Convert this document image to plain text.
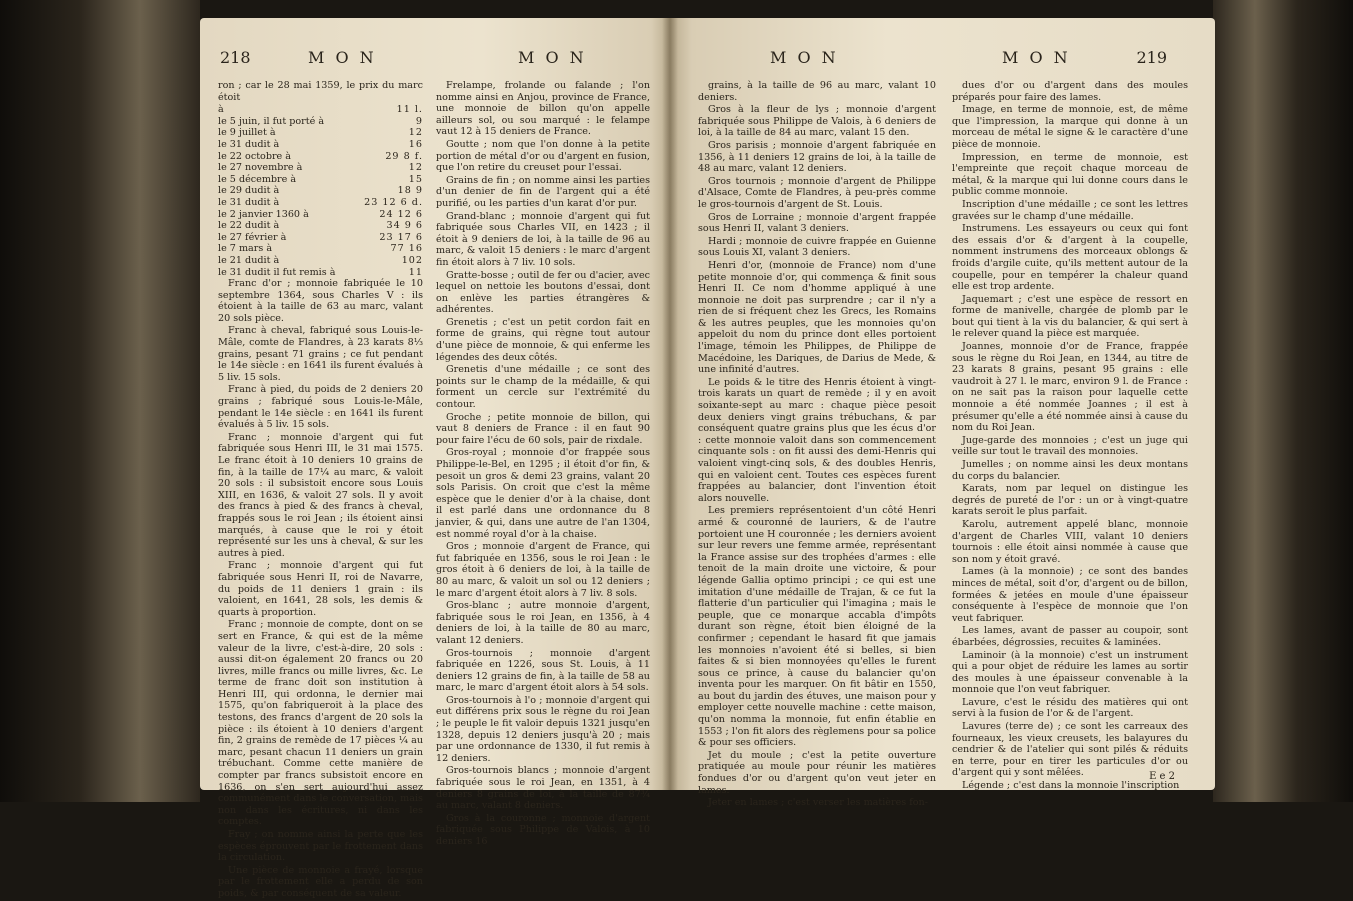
218	M O N	M O N

ron ; car le 28 mai 1359, le prix du marc étoit

à	11 l.
le 5 juin, il fut porté à	9
le 9 juillet à	12
le 31 dudit à	16
le 22 octobre à	29 8 f.
le 27 novembre à	12
le 5 décembre à	15
le 29 dudit à	18 9
le 31 dudit à	23 12 6 d.
le 2 janvier 1360 à	24 12 6
le 22 dudit à	34 9 6
le 27 février à	23 17 6
le 7 mars à	77 16
le 21 dudit à	102
le 31 dudit il fut remis à	11

Franc d'or ; monnoie fabriquée le 10 septembre 1364, sous Charles V : ils étoient à la taille de 63 au marc, valant 20 sols pièce.

Franc à cheval, fabriqué sous Louis-le-Mâle, comte de Flandres, à 23 karats 8⅓ grains, pesant 71 grains ; ce fut pendant le 14e siècle : en 1641 ils furent évalués à 5 liv. 15 sols.

Franc à pied, du poids de 2 deniers 20 grains ; fabriqué sous Louis-le-Mâle, pendant le 14e siècle : en 1641 ils furent évalués à 5 liv. 15 sols.

Franc ; monnoie d'argent qui fut fabriquée sous Henri III, le 31 mai 1575. Le franc étoit à 10 deniers 10 grains de fin, à la taille de 17¼ au marc, & valoit 20 sols : il subsistoit encore sous Louis XIII, en 1636, & valoit 27 sols. Il y avoit des francs à pied & des francs à cheval, frappés sous le roi Jean ; ils étoient ainsi marqués, à cause que le roi y étoit représenté sur les uns à cheval, & sur les autres à pied.

Franc ; monnoie d'argent qui fut fabriquée sous Henri II, roi de Navarre, du poids de 11 deniers 1 grain : ils valoient, en 1641, 28 sols, les demis & quarts à proportion.

Franc ; monnoie de compte, dont on se sert en France, & qui est de la même valeur de la livre, c'est-à-dire, 20 sols : aussi dit-on également 20 francs ou 20 livres, mille francs ou mille livres, &c. Le terme de franc doit son institution à Henri III, qui ordonna, le dernier mai 1575, qu'on fabriqueroit à la place des testons, des francs d'argent de 20 sols la pièce : ils étoient à 10 deniers d'argent fin, 2 grains de remède de 17 pièces ¼ au marc, pesant chacun 11 deniers un grain trébuchant. Comme cette manière de compter par francs subsistoit encore en 1636, on s'en sert aujourd'hui assez communément dans le conversation, mais non dans les écritures, ni dans les comptes.

Fray ; on nomme ainsi la perte que les espèces éprouvent par le frottement dans la circulation.

Une pièce de monnoie a frayé, lorsque par le frottement elle a perdu de son poids, & par conséquent de sa valeur.

Frelampe, frolande ou falande ; l'on nomme ainsi en Anjou, province de France, une monnoie de billon qu'on appelle ailleurs sol, ou sou marqué : le felampe vaut 12 à 15 deniers de France.

Goutte ; nom que l'on donne à la petite portion de métal d'or ou d'argent en fusion, que l'on retire du creuset pour l'essai.

Grains de fin ; on nomme ainsi les parties d'un denier de fin de l'argent qui a été purifié, ou les parties d'un karat d'or pur.

Grand-blanc ; monnoie d'argent qui fut fabriquée sous Charles VII, en 1423 ; il étoit à 9 deniers de loi, à la taille de 96 au marc, & valoit 15 deniers : le marc d'argent fin étoit alors à 7 liv. 10 sols.

Gratte-bosse ; outil de fer ou d'acier, avec lequel on nettoie les boutons d'essai, dont on enlève les parties étrangères & adhérentes.

Grenetis ; c'est un petit cordon fait en forme de grains, qui règne tout autour d'une pièce de monnoie, & qui enferme les légendes des deux côtés.

Grenetis d'une médaille ; ce sont des points sur le champ de la médaille, & qui forment un cercle sur l'extrémité du contour.

Groche ; petite monnoie de billon, qui vaut 8 deniers de France : il en faut 90 pour faire l'écu de 60 sols, pair de rixdale.

Gros-royal ; monnoie d'or frappée sous Philippe-le-Bel, en 1295 ; il étoit d'or fin, & pesoit un gros & demi 23 grains, valant 20 sols Parisis. On croit que c'est la même espèce que le denier d'or à la chaise, dont il est parlé dans une ordonnance du 8 janvier, & qui, dans une autre de l'an 1304, est nommé royal d'or à la chaise.

Gros ; monnoie d'argent de France, qui fut fabriquée en 1356, sous le roi Jean : le gros étoit à 6 deniers de loi, à la taille de 80 au marc, & valoit un sol ou 12 deniers ; le marc d'argent étoit alors à 7 liv. 8 sols.

Gros-blanc ; autre monnoie d'argent, fabriquée sous le roi Jean, en 1356, à 4 deniers de loi, à la taille de 80 au marc, valant 12 deniers.

Gros-tournois ; monnoie d'argent fabriquée en 1226, sous St. Louis, à 11 deniers 12 grains de fin, à la taille de 58 au marc, le marc d'argent étoit alors à 54 sols.

Gros-tournois à l'o ; monnoie d'argent qui eut différens prix sous le règne du roi Jean ; le peuple le fit valoir depuis 1321 jusqu'en 1328, depuis 12 deniers jusqu'à 20 ; mais par une ordonnance de 1330, il fut remis à 12 deniers.

Gros-tournois blancs ; monnoie d'argent fabriquée sous le roi Jean, en 1351, à 4 deniers 8 grains de loi, à la taille de 87¾ au marc, valant 8 deniers.

Gros à la couronne ; monnoie d'argent fabriquée sous Philippe de Valois, à 10 deniers 16

M O N	M O N	219

grains, à la taille de 96 au marc, valant 10 deniers.

Gros à la fleur de lys ; monnoie d'argent fabriquée sous Philippe de Valois, à 6 deniers de loi, à la taille de 84 au marc, valant 15 den.

Gros parisis ; monnoie d'argent fabriquée en 1356, à 11 deniers 12 grains de loi, à la taille de 48 au marc, valant 12 deniers.

Gros tournois ; monnoie d'argent de Philippe d'Alsace, Comte de Flandres, à peu-près comme le gros-tournois d'argent de St. Louis.

Gros de Lorraine ; monnoie d'argent frappée sous Henri II, valant 3 deniers.

Hardi ; monnoie de cuivre frappée en Guienne sous Louis XI, valant 3 deniers.

Henri d'or, (monnoie de France) nom d'une petite monnoie d'or, qui commença & finit sous Henri II. Ce nom d'homme appliqué à une monnoie ne doit pas surprendre ; car il n'y a rien de si fréquent chez les Grecs, les Romains & les autres peuples, que les monnoies qu'on appeloit du nom du prince dont elles portoient l'image, témoin les Philippes, de Philippe de Macédoine, les Dariques, de Darius de Mede, & une infinité d'autres.

Le poids & le titre des Henris étoient à vingt-trois karats un quart de remède ; il y en avoit soixante-sept au marc : chaque pièce pesoit deux deniers vingt grains trébuchans, & par conséquent quatre grains plus que les écus d'or : cette monnoie valoit dans son commencement cinquante sols : on fit aussi des demi-Henris qui valoient vingt-cinq sols, & des doubles Henris, qui en valoient cent. Toutes ces espèces furent frappées au balancier, dont l'invention étoit alors nouvelle.

Les premiers représentoient d'un côté Henri armé & couronné de lauriers, & de l'autre portoient une H couronnée ; les derniers avoient sur leur revers une femme armée, représentant la France assise sur des trophées d'armes : elle tenoit de la main droite une victoire, & pour légende Gallia optimo principi ; ce qui est une imitation d'une médaille de Trajan, & ce fut la flatterie d'un particulier qui l'imagina ; mais le peuple, que ce monarque accabla d'impôts durant son règne, étoit bien éloigné de la confirmer ; cependant le hasard fit que jamais les monnoies n'avoient été si belles, si bien faites & si bien monnoyées qu'elles le furent sous ce prince, à cause du balancier qu'on inventa pour les marquer. On fit bâtir en 1550, au bout du jardin des étuves, une maison pour y employer cette nouvelle machine : cette maison, qu'on nomma la monnoie, fut enfin établie en 1553 ; l'on fit alors des règlemens pour sa police & pour ses officiers.

Jet du moule ; c'est la petite ouverture pratiquée au moule pour réunir les matières fondues d'or ou d'argent qu'on veut jeter en lames.

Jeter en lames ; c'est verser les matières fon-

dues d'or ou d'argent dans des moules préparés pour faire des lames.

Image, en terme de monnoie, est, de même que l'impression, la marque qui donne à un morceau de métal le signe & le caractère d'une pièce de monnoie.

Impression, en terme de monnoie, est l'empreinte que reçoit chaque morceau de métal, & la marque qui lui donne cours dans le public comme monnoie.

Inscription d'une médaille ; ce sont les lettres gravées sur le champ d'une médaille.

Instrumens. Les essayeurs ou ceux qui font des essais d'or & d'argent à la coupelle, nomment instrumens des morceaux oblongs & froids d'argile cuite, qu'ils mettent autour de la coupelle, pour en tempérer la chaleur quand elle est trop ardente.

Jaquemart ; c'est une espèce de ressort en forme de manivelle, chargée de plomb par le bout qui tient à la vis du balancier, & qui sert à le relever quand la pièce est marquée.

Joannes, monnoie d'or de France, frappée sous le règne du Roi Jean, en 1344, au titre de 23 karats 8 grains, pesant 95 grains : elle vaudroit à 27 l. le marc, environ 9 l. de France : on ne sait pas la raison pour laquelle cette monnoie a été nommée Joannes ; il est à présumer qu'elle a été nommée ainsi à cause du nom du Roi Jean.

Juge-garde des monnoies ; c'est un juge qui veille sur tout le travail des monnoies.

Jumelles ; on nomme ainsi les deux montans du corps du balancier.

Karats, nom par lequel on distingue les degrés de pureté de l'or : un or à vingt-quatre karats seroit le plus parfait.

Karolu, autrement appelé blanc, monnoie d'argent de Charles VIII, valant 10 deniers tournois : elle étoit ainsi nommée à cause que son nom y étoit gravé.

Lames (à la monnoie) ; ce sont des bandes minces de métal, soit d'or, d'argent ou de billon, formées & jetées en moule d'une épaisseur conséquente à l'espèce de monnoie que l'on veut fabriquer.

Les lames, avant de passer au coupoir, sont ébarbées, dégrossies, recuites & laminées.

Laminoir (à la monnoie) c'est un instrument qui a pour objet de réduire les lames au sortir des moules à une épaisseur convenable à la monnoie que l'on veut fabriquer.

Lavure, c'est le résidu des matières qui ont servi à la fusion de l'or & de l'argent.

Lavures (terre de) ; ce sont les carreaux des fourneaux, les vieux creusets, les balayures du cendrier & de l'atelier qui sont pilés & réduits en terre, pour en tirer les particules d'or ou d'argent qui y sont mêlées.

Légende ; c'est dans la monnoie l'inscription

E e 2
